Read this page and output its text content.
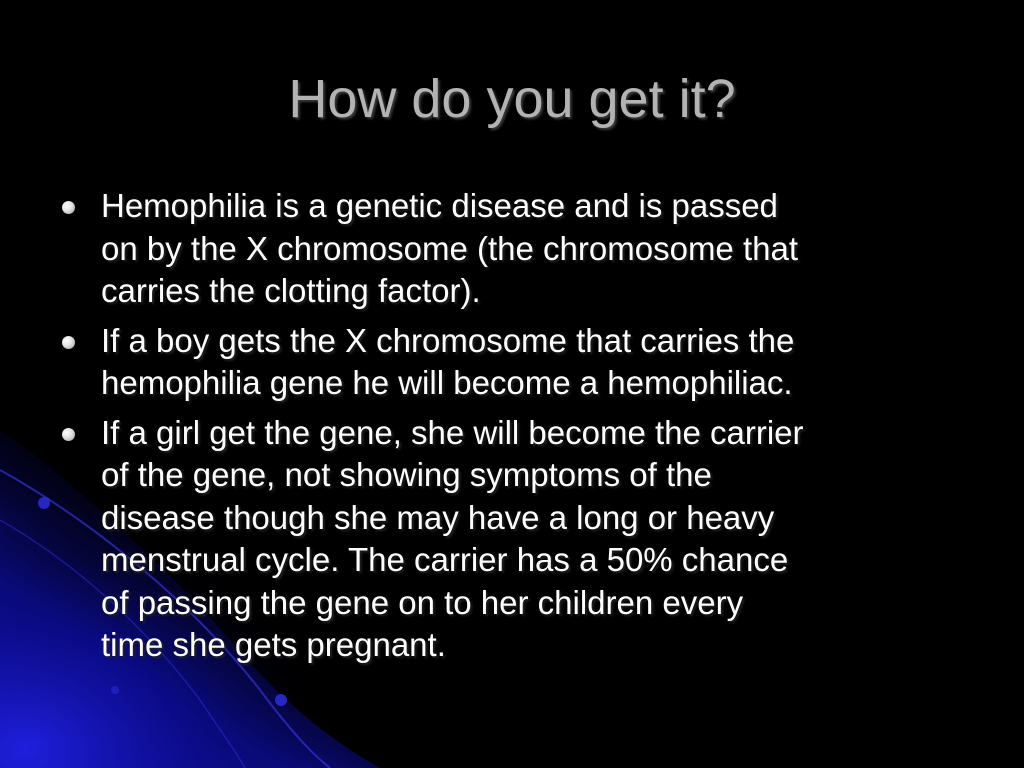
How do you get it?
Hemophilia is a genetic disease and is passed
on by the X chromosome (the chromosome that
carries the clotting factor).
If a boy gets the X chromosome that carries the
hemophilia gene he will become a hemophiliac.
If a girl get the gene, she will become the carrier
of the gene, not showing symptoms of the
disease though she may have a long or heavy
menstrual cycle. The carrier has a 50% chance
of passing the gene on to her children every
time she gets pregnant.
